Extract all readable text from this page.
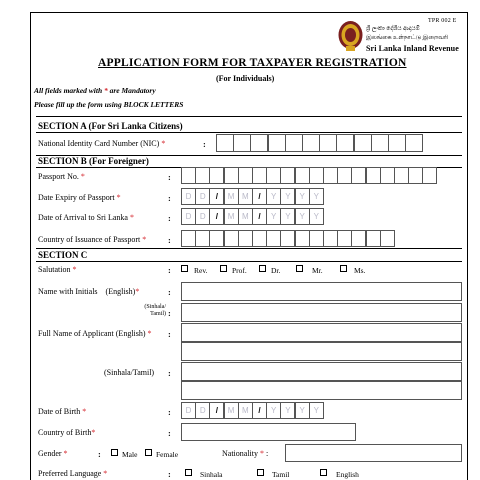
TPR 002 E
ශ්‍රී ලංකා දේශීය ආදායම්
இலங்கை உள்நாட்டு இறைவரி
Sri Lanka Inland Revenue
APPLICATION FORM FOR TAXPAYER REGISTRATION
(For Individuals)
All fields marked with * are Mandatory
Please fill up the form using BLOCK LETTERS
SECTION A (For Sri Lanka Citizens)
National Identity Card Number (NIC) *	:
SECTION B (For Foreigner)
Passport No. *	:
Date Expiry of Passport *	:	D	D	/	M M	/	Y	Y	Y	Y
Date of Arrival to Sri Lanka *	:	D	D	/	M M	/	Y	Y	Y	Y
Country of Issuance of Passport *	:
SECTION C
Salutation *	:	Rev.	Prof.	Dr.	Mr.	Ms.
Name with Initials (English)*	:
(Sinhala/
Tamil) :
Full Name of Applicant (English) * :
(Sinhala/Tamil) :
Date of Birth *	:	D	D	/	M M	/	Y	Y	Y	Y
Country of Birth*	:
Gender *	:	Male Female	Nationality * :
Preferred Language *	:	Sinhala	Tamil	English
